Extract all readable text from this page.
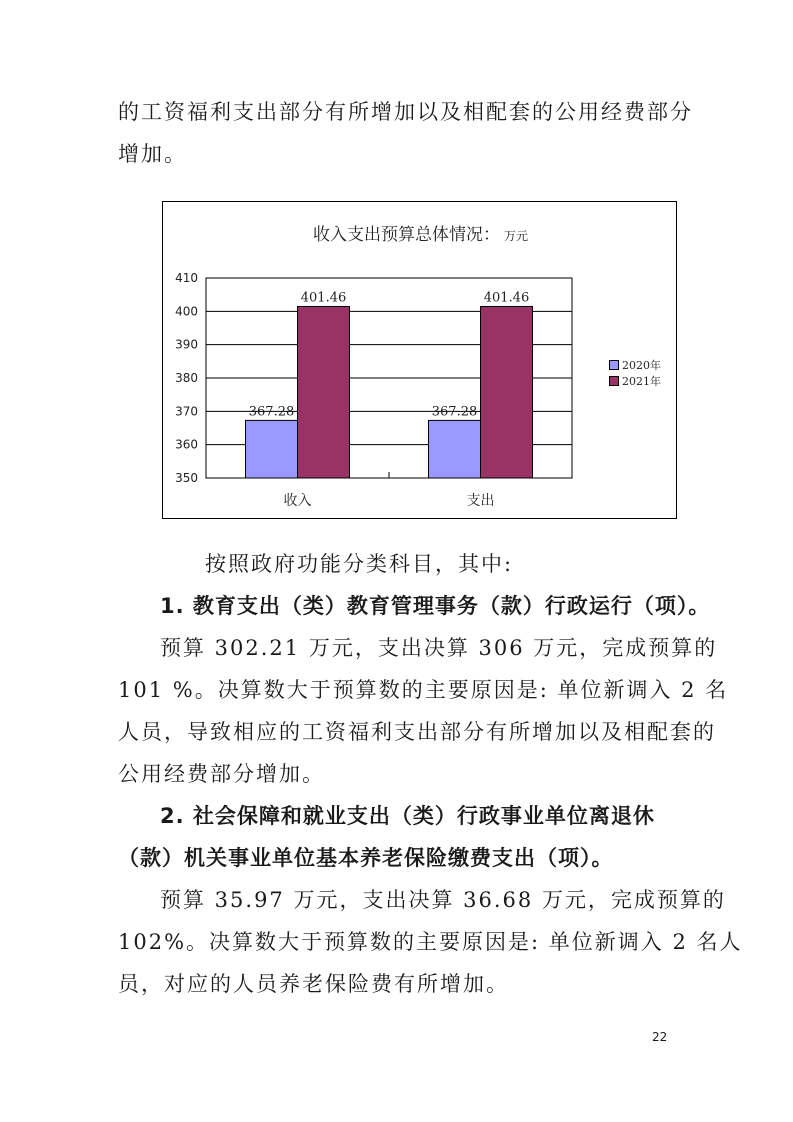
的工资福利支出部分有所增加以及相配套的公用经费部分
增加。
收入支出预算总体情况： 万元
350
360
370
380
390
400
410
367.28
401.46
收入
367.28
401.46
支出
2020年
2021年
按照政府功能分类科目，其中:
1. 教育支出（类）教育管理事务（款）行政运行（项）。
预算 302.21 万元，支出决算 306 万元，完成预算的
101 %。决算数大于预算数的主要原因是: 单位新调入 2 名
人员，导致相应的工资福利支出部分有所增加以及相配套的
公用经费部分增加。
2. 社会保障和就业支出（类）行政事业单位离退休
（款）机关事业单位基本养老保险缴费支出（项）。
预算 35.97 万元，支出决算 36.68 万元，完成预算的
102%。决算数大于预算数的主要原因是: 单位新调入 2 名人
员，对应的人员养老保险费有所增加。
22
